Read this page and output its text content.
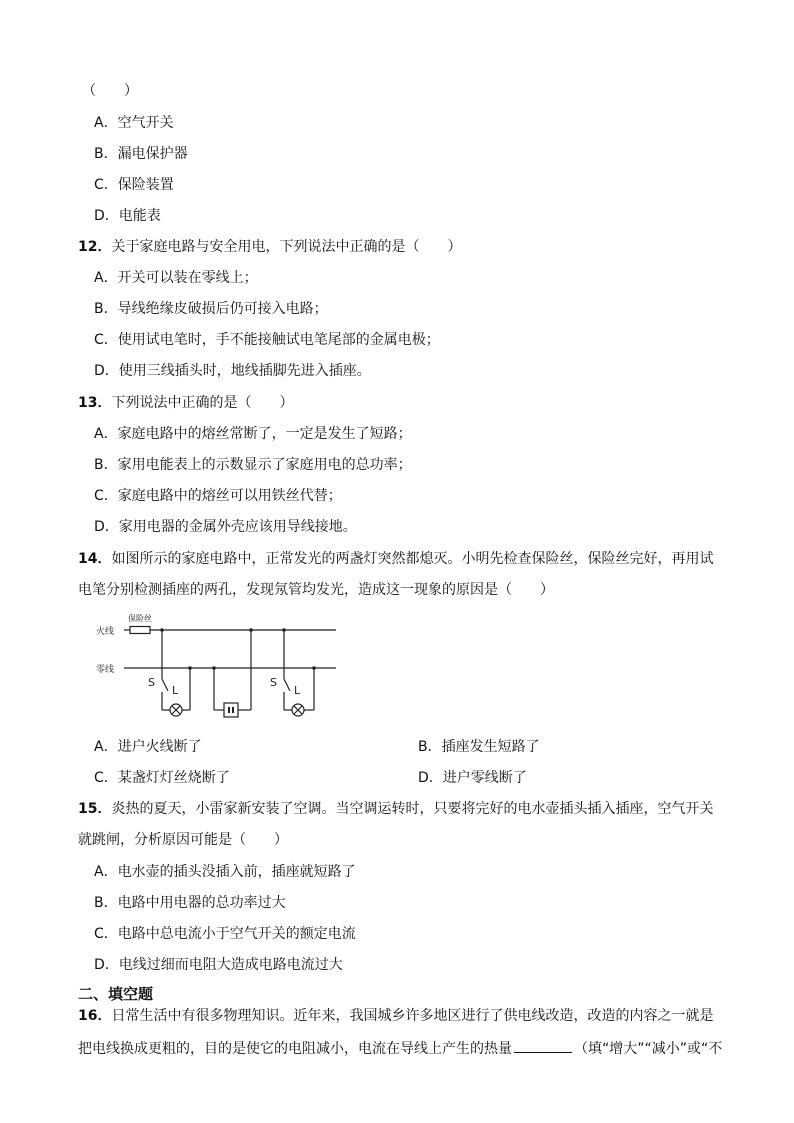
（　　）
A．空气开关
B．漏电保护器
C．保险装置
D．电能表
12．关于家庭电路与安全用电，下列说法中正确的是（　　）
A．开关可以装在零线上；
B．导线绝缘皮破损后仍可接入电路；
C．使用试电笔时，手不能接触试电笔尾部的金属电极；
D．使用三线插头时，地线插脚先进入插座。
13．下列说法中正确的是（　　）
A．家庭电路中的熔丝常断了，一定是发生了短路；
B．家用电能表上的示数显示了家庭用电的总功率；
C．家庭电路中的熔丝可以用铁丝代替；
D．家用电器的金属外壳应该用导线接地。
14．如图所示的家庭电路中，正常发光的两盏灯突然都熄灭。小明先检查保险丝，保险丝完好，再用试
电笔分别检测插座的两孔，发现氖管均发光，造成这一现象的原因是（　　）
火线
零线
保险丝
S
L
S
L
A．进户火线断了	B．插座发生短路了
C．某盏灯灯丝烧断了	D．进户零线断了
15．炎热的夏天，小雷家新安装了空调。当空调运转时，只要将完好的电水壶插头插入插座，空气开关
就跳闸，分析原因可能是（　　）
A．电水壶的插头没插入前，插座就短路了
B．电路中用电器的总功率过大
C．电路中总电流小于空气开关的额定电流
D．电线过细而电阻大造成电路电流过大
二、填空题
16．日常生活中有很多物理知识。近年来，我国城乡许多地区进行了供电线改造，改造的内容之一就是
把电线换成更粗的，目的是使它的电阻减小，电流在导线上产生的热量	（填“增大”“减小”或“不
